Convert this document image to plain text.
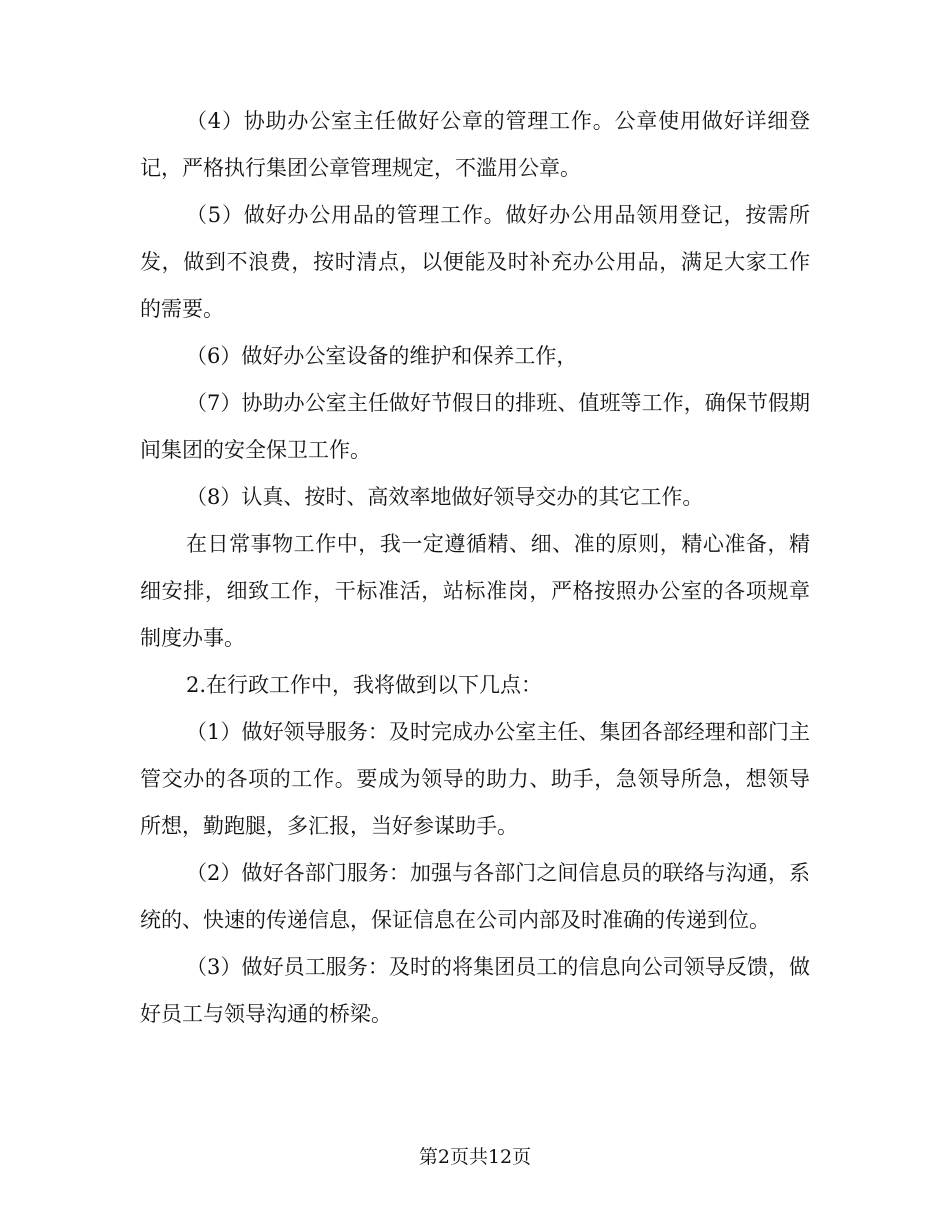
（4）协助办公室主任做好公章的管理工作。公章使用做好详细登记，严格执行集团公章管理规定，不滥用公章。

（5）做好办公用品的管理工作。做好办公用品领用登记，按需所发，做到不浪费，按时清点，以便能及时补充办公用品，满足大家工作的需要。

（6）做好办公室设备的维护和保养工作，

（7）协助办公室主任做好节假日的排班、值班等工作，确保节假期间集团的安全保卫工作。

（8）认真、按时、高效率地做好领导交办的其它工作。

在日常事物工作中，我一定遵循精、细、准的原则，精心准备，精细安排，细致工作，干标准活，站标准岗，严格按照办公室的各项规章制度办事。

2.在行政工作中，我将做到以下几点：

（1）做好领导服务：及时完成办公室主任、集团各部经理和部门主管交办的各项的工作。要成为领导的助力、助手，急领导所急，想领导所想，勤跑腿，多汇报，当好参谋助手。

（2）做好各部门服务：加强与各部门之间信息员的联络与沟通，系统的、快速的传递信息，保证信息在公司内部及时准确的传递到位。

（3）做好员工服务：及时的将集团员工的信息向公司领导反馈，做好员工与领导沟通的桥梁。

第2页共12页
